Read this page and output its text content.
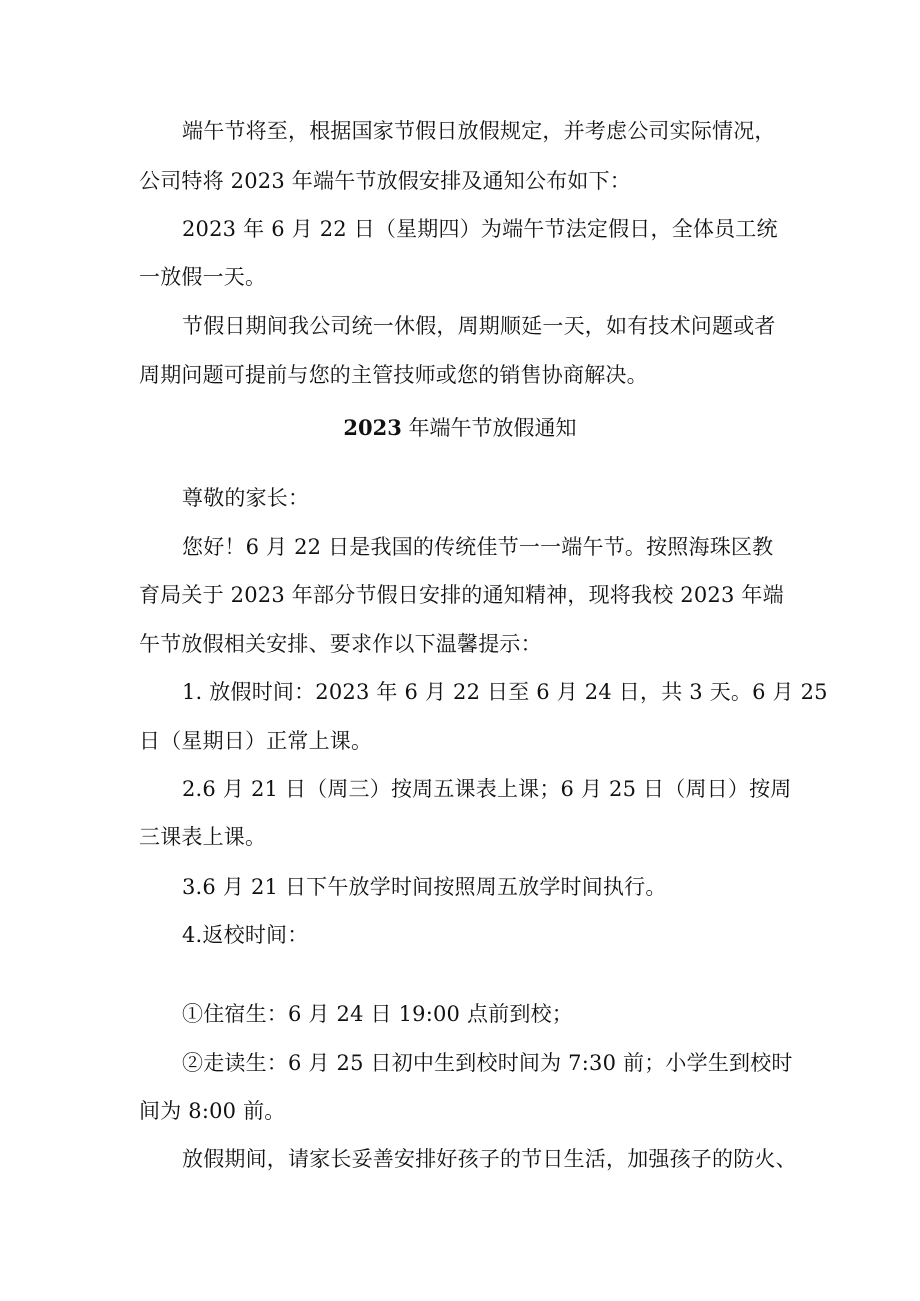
端午节将至，根据国家节假日放假规定，并考虑公司实际情况，
公司特将 2023 年端午节放假安排及通知公布如下：
2023 年 6 月 22 日（星期四）为端午节法定假日，全体员工统
一放假一天。
节假日期间我公司统一休假，周期顺延一天，如有技术问题或者
周期问题可提前与您的主管技师或您的销售协商解决。
2023 年端午节放假通知
尊敬的家长：
您好！6 月 22 日是我国的传统佳节一一端午节。按照海珠区教
育局关于 2023 年部分节假日安排的通知精神，现将我校 2023 年端
午节放假相关安排、要求作以下温馨提示：
1. 放假时间：2023 年 6 月 22 日至 6 月 24 日，共 3 天。6 月 25
日（星期日）正常上课。
2.6 月 21 日（周三）按周五课表上课；6 月 25 日（周日）按周
三课表上课。
3.6 月 21 日下午放学时间按照周五放学时间执行。
4.返校时间：
①住宿生：6 月 24 日 19:00 点前到校；
②走读生：6 月 25 日初中生到校时间为 7:30 前；小学生到校时
间为 8:00 前。
放假期间，请家长妥善安排好孩子的节日生活，加强孩子的防火、
